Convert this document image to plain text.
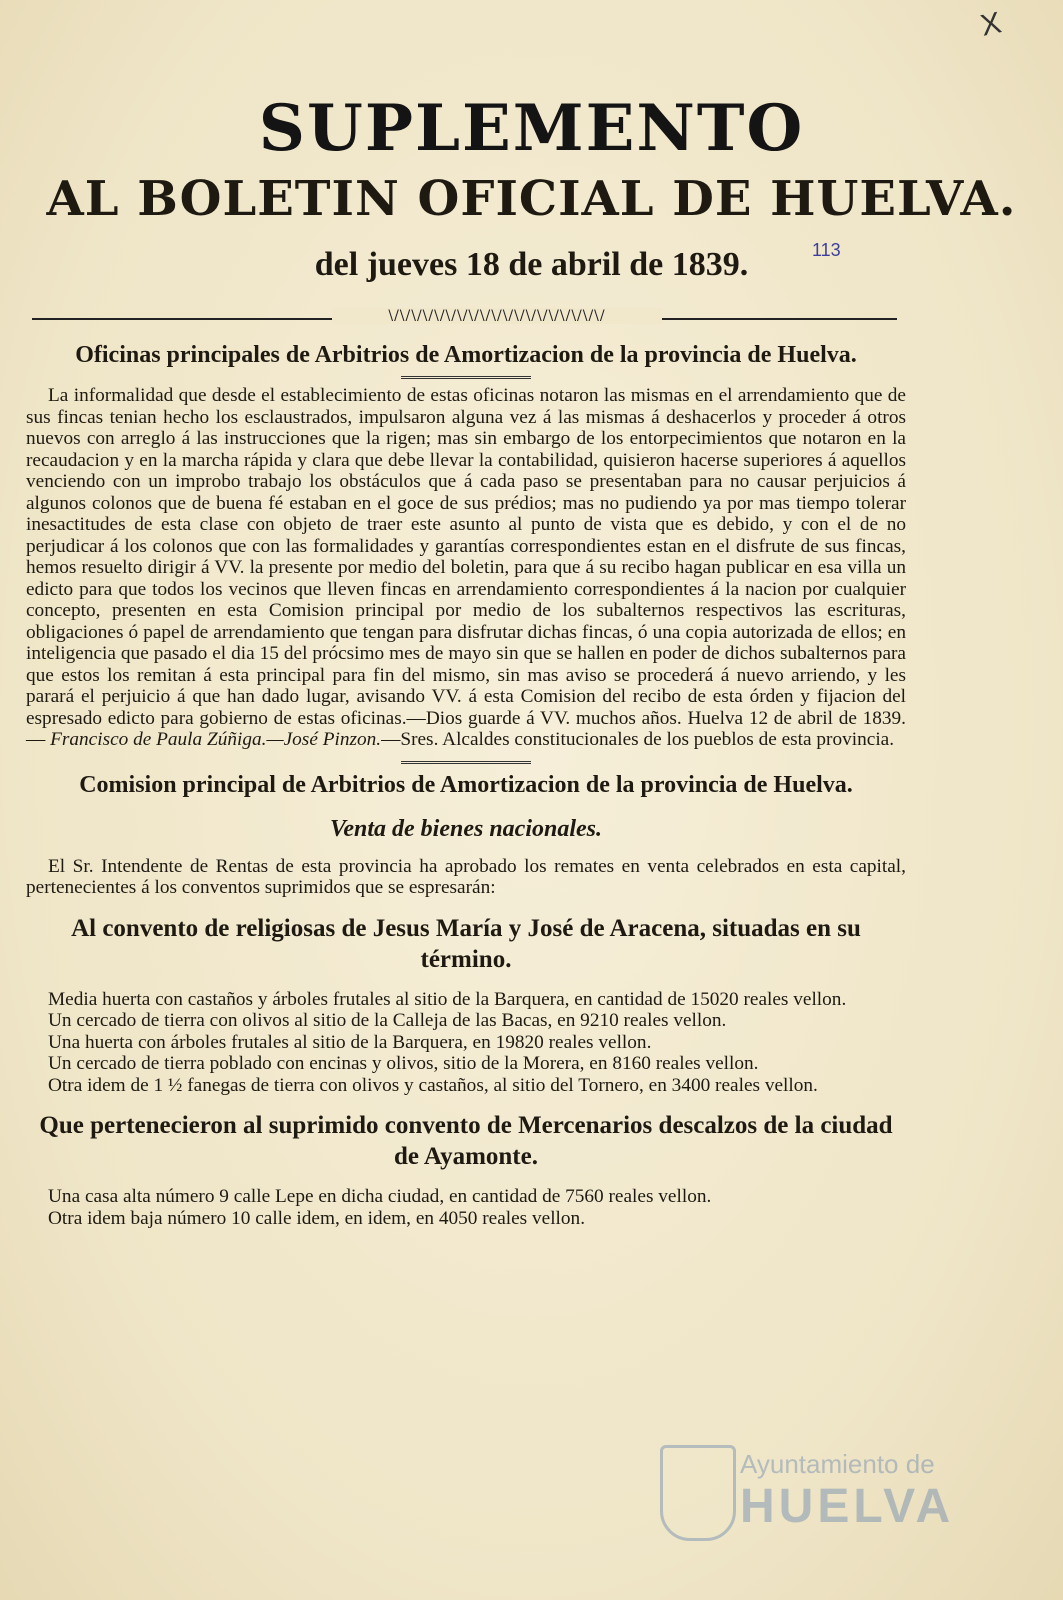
X
113
SUPLEMENTO
AL BOLETIN OFICIAL DE HUELVA.
del jueves 18 de abril de 1839.
\/\/\/\/\/\/\/\/\/\/\/\/\/\/\/\/\/\/\/
Oficinas principales de Arbitrios de Amortizacion de la provincia de Huelva.

La informalidad que desde el establecimiento de estas oficinas notaron las mismas en el arrendamiento que de sus fincas tenian hecho los esclaustrados, impulsaron alguna vez á las mismas á deshacerlos y proceder á otros nuevos con arreglo á las instrucciones que la rigen; mas sin embargo de los entorpecimientos que notaron en la recaudacion y en la marcha rápida y clara que debe llevar la contabilidad, quisieron hacerse superiores á aquellos venciendo con un improbo trabajo los obstáculos que á cada paso se presentaban para no causar perjuicios á algunos colonos que de buena fé estaban en el goce de sus prédios; mas no pudiendo ya por mas tiempo tolerar inesactitudes de esta clase con objeto de traer este asunto al punto de vista que es debido, y con el de no perjudicar á los colonos que con las formalidades y garantías correspondientes estan en el disfrute de sus fincas, hemos resuelto dirigir á VV. la presente por medio del boletin, para que á su recibo hagan publicar en esa villa un edicto para que todos los vecinos que lleven fincas en arrendamiento correspondientes á la nacion por cualquier concepto, presenten en esta Comision principal por medio de los subalternos respectivos las escrituras, obligaciones ó papel de arrendamiento que tengan para disfrutar dichas fincas, ó una copia autorizada de ellos; en inteligencia que pasado el dia 15 del prócsimo mes de mayo sin que se hallen en poder de dichos subalternos para que estos los remitan á esta principal para fin del mismo, sin mas aviso se procederá á nuevo arriendo, y les parará el perjuicio á que han dado lugar, avisando VV. á esta Comision del recibo de esta órden y fijacion del espresado edicto para gobierno de estas oficinas.—Dios guarde á VV. muchos años. Huelva 12 de abril de 1839.— Francisco de Paula Zúñiga.—José Pinzon.—Sres. Alcaldes constitucionales de los pueblos de esta provincia.

Comision principal de Arbitrios de Amortizacion de la provincia de Huelva.
Venta de bienes nacionales.

El Sr. Intendente de Rentas de esta provincia ha aprobado los remates en venta celebrados en esta capital, pertenecientes á los conventos suprimidos que se espresarán:

Al convento de religiosas de Jesus María y José de Aracena, situadas en su término.

Media huerta con castaños y árboles frutales al sitio de la Barquera, en cantidad de 15020 reales vellon.

Un cercado de tierra con olivos al sitio de la Calleja de las Bacas, en 9210 reales vellon.

Una huerta con árboles frutales al sitio de la Barquera, en 19820 reales vellon.

Un cercado de tierra poblado con encinas y olivos, sitio de la Morera, en 8160 reales vellon.

Otra idem de 1 ½ fanegas de tierra con olivos y castaños, al sitio del Tornero, en 3400 reales vellon.

Que pertenecieron al suprimido convento de Mercenarios descalzos de la ciudad de Ayamonte.

Una casa alta número 9 calle Lepe en dicha ciudad, en cantidad de 7560 reales vellon.

Otra idem baja número 10 calle idem, en idem, en 4050 reales vellon.

Ayuntamiento de
HUELVA
